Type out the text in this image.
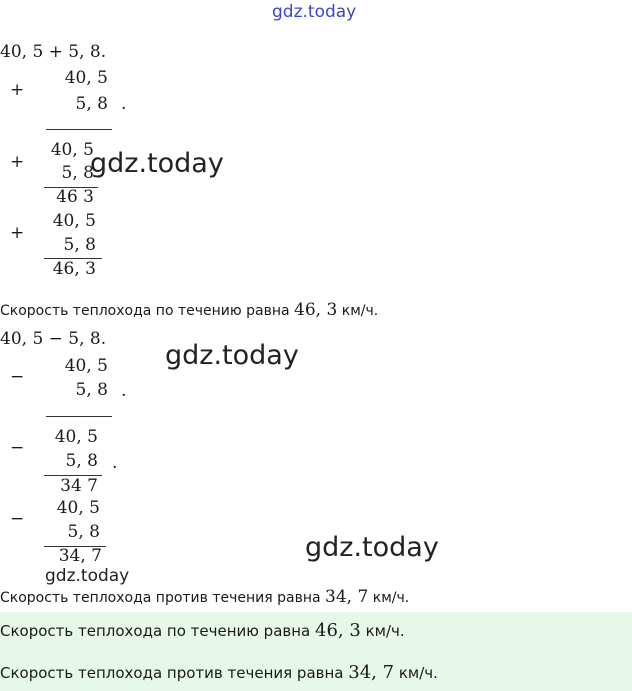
gdz.today
40, 5 + 5, 8.
+
40, 5
5, 8 .
+
40, 5
5, 8
46 3
gdz.today
+
40, 5
5, 8
46, 3
Скорость теплохода по течению равна 46, 3 км/ч.
40, 5 − 5, 8.
gdz.today
−
40, 5
5, 8 .
−
40, 5
5, 8 .
34 7
−
40, 5
5, 8
34, 7
gdz.today
gdz.today
Скорость теплохода против течения равна 34, 7 км/ч.
Скорость теплохода по течению равна 46, 3 км/ч.
Скорость теплохода против течения равна 34, 7 км/ч.
